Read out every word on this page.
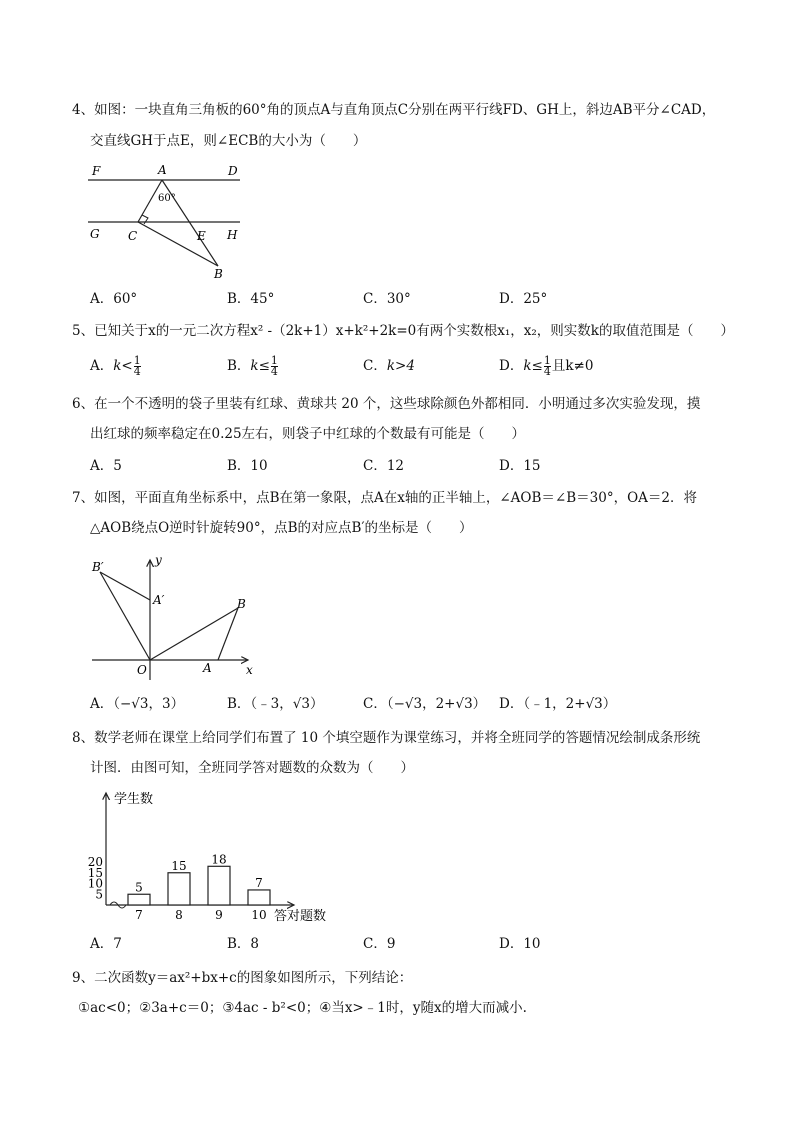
4、如图：一块直角三角板的60°角的顶点A与直角顶点C分别在两平行线FD、GH上，斜边AB平分∠CAD，
交直线GH于点E，则∠ECB的大小为（　　）
F	A	D
60°
G C	E H
B
A．60°	B．45°	C．30°	D．25°
5、已知关于x的一元二次方程x² -（2k+1）x+k²+2k=0有两个实数根x₁，x₂，则实数k的取值范围是（　　）
A．$k< \frac{1}{4}$	B．$k\le \frac{1}{4}$	C．k>4	D．$k\le \frac{1}{4}$ 且k≠0
6、在一个不透明的袋子里装有红球、黄球共 20 个，这些球除颜色外都相同．小明通过多次实验发现，摸
出红球的频率稳定在0.25左右，则袋子中红球的个数最有可能是（　　）
A．5	B．10	C．12	D．15
7、如图，平面直角坐标系中，点B在第一象限，点A在x轴的正半轴上，∠AOB＝∠B＝30°，OA＝2．将
△AOB绕点O逆时针旋转90°，点B的对应点B′的坐标是（　　）
B′	y
A′	B
O	A	x
A．（−√3，3）	B．（﹣3，√3）	C．（−√3，2+√3） D．（﹣1，2+√3）
8、数学老师在课堂上给同学们布置了 10 个填空题作为课堂练习，并将全班同学的答题情况绘制成条形统
计图．由图可知，全班同学答对题数的众数为（　　）
学生数
答对题数
5
7
15
8
18
9
7
10
5
10
15
20
A．7	B．8	C．9	D．10
9、二次函数y＝ax²+bx+c的图象如图所示，下列结论：
①ac<0；②3a+c＝0；③4ac - b²<0；④当x>﹣1时，y随x的增大而减小.
